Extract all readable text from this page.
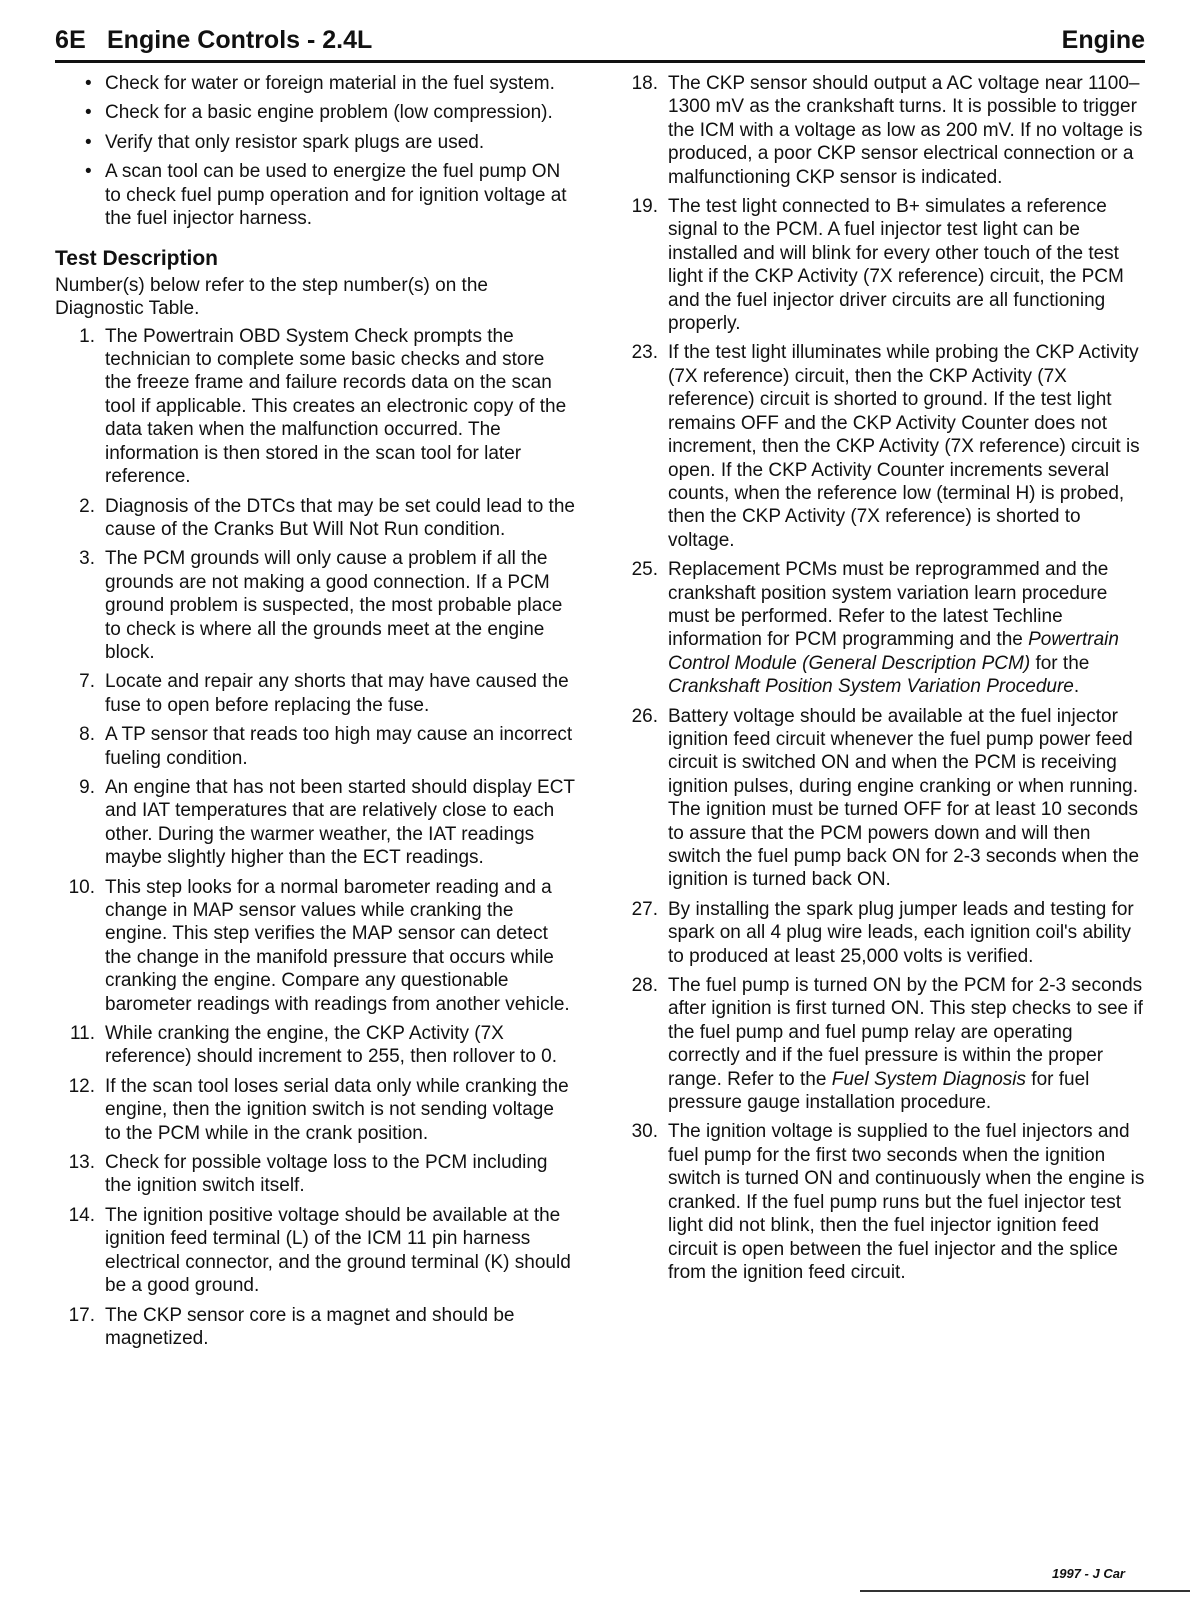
6E Engine Controls - 2.4L	Engine
• Check for water or foreign material in the fuel system.
• Check for a basic engine problem (low compression).
• Verify that only resistor spark plugs are used.
• A scan tool can be used to energize the fuel pump ON to check fuel pump operation and for ignition voltage at the fuel injector harness.
Test Description
Number(s) below refer to the step number(s) on the Diagnostic Table.
1. The Powertrain OBD System Check prompts the technician to complete some basic checks and store the freeze frame and failure records data on the scan tool if applicable. This creates an electronic copy of the data taken when the malfunction occurred. The information is then stored in the scan tool for later reference.
2. Diagnosis of the DTCs that may be set could lead to the cause of the Cranks But Will Not Run condition.
3. The PCM grounds will only cause a problem if all the grounds are not making a good connection. If a PCM ground problem is suspected, the most probable place to check is where all the grounds meet at the engine block.
7. Locate and repair any shorts that may have caused the fuse to open before replacing the fuse.
8. A TP sensor that reads too high may cause an incorrect fueling condition.
9. An engine that has not been started should display ECT and IAT temperatures that are relatively close to each other. During the warmer weather, the IAT readings maybe slightly higher than the ECT readings.
10. This step looks for a normal barometer reading and a change in MAP sensor values while cranking the engine. This step verifies the MAP sensor can detect the change in the manifold pressure that occurs while cranking the engine. Compare any questionable barometer readings with readings from another vehicle.
11. While cranking the engine, the CKP Activity (7X reference) should increment to 255, then rollover to 0.
12. If the scan tool loses serial data only while cranking the engine, then the ignition switch is not sending voltage to the PCM while in the crank position.
13. Check for possible voltage loss to the PCM including the ignition switch itself.
14. The ignition positive voltage should be available at the ignition feed terminal (L) of the ICM 11 pin harness electrical connector, and the ground terminal (K) should be a good ground.
17. The CKP sensor core is a magnet and should be magnetized.
18. The CKP sensor should output a AC voltage near 1100–1300 mV as the crankshaft turns. It is possible to trigger the ICM with a voltage as low as 200 mV. If no voltage is produced, a poor CKP sensor electrical connection or a malfunctioning CKP sensor is indicated.
19. The test light connected to B+ simulates a reference signal to the PCM. A fuel injector test light can be installed and will blink for every other touch of the test light if the CKP Activity (7X reference) circuit, the PCM and the fuel injector driver circuits are all functioning properly.
23. If the test light illuminates while probing the CKP Activity (7X reference) circuit, then the CKP Activity (7X reference) circuit is shorted to ground. If the test light remains OFF and the CKP Activity Counter does not increment, then the CKP Activity (7X reference) circuit is open. If the CKP Activity Counter increments several counts, when the reference low (terminal H) is probed, then the CKP Activity (7X reference) is shorted to voltage.
25. Replacement PCMs must be reprogrammed and the crankshaft position system variation learn procedure must be performed. Refer to the latest Techline information for PCM programming and the Powertrain Control Module (General Description PCM) for the Crankshaft Position System Variation Procedure.
26. Battery voltage should be available at the fuel injector ignition feed circuit whenever the fuel pump power feed circuit is switched ON and when the PCM is receiving ignition pulses, during engine cranking or when running. The ignition must be turned OFF for at least 10 seconds to assure that the PCM powers down and will then switch the fuel pump back ON for 2-3 seconds when the ignition is turned back ON.
27. By installing the spark plug jumper leads and testing for spark on all 4 plug wire leads, each ignition coil's ability to produced at least 25,000 volts is verified.
28. The fuel pump is turned ON by the PCM for 2-3 seconds after ignition is first turned ON. This step checks to see if the fuel pump and fuel pump relay are operating correctly and if the fuel pressure is within the proper range. Refer to the Fuel System Diagnosis for fuel pressure gauge installation procedure.
30. The ignition voltage is supplied to the fuel injectors and fuel pump for the first two seconds when the ignition switch is turned ON and continuously when the engine is cranked. If the fuel pump runs but the fuel injector test light did not blink, then the fuel injector ignition feed circuit is open between the fuel injector and the splice from the ignition feed circuit.
1997 - J Car
